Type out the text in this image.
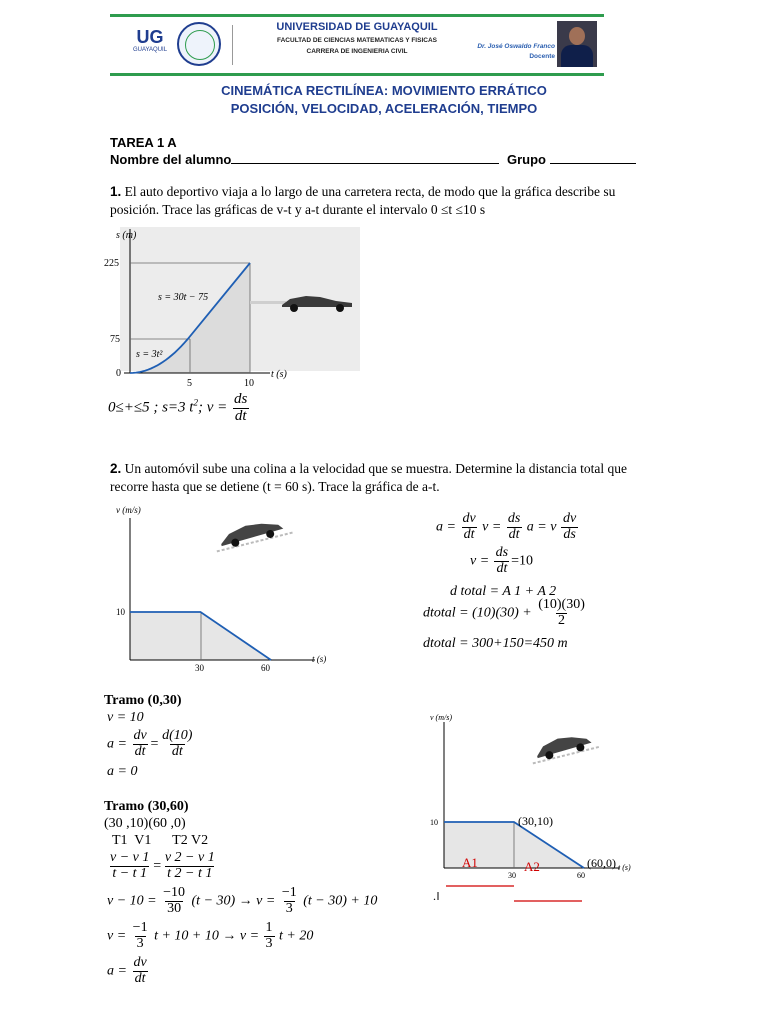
UG
GUAYAQUIL
UNIVERSIDAD DE GUAYAQUIL
FACULTAD DE CIENCIAS MATEMATICAS Y FISICAS
CARRERA DE INGENIERIA CIVIL
Dr. José Oswaldo Franco
Docente
CINEMÁTICA RECTILÍNEA: MOVIMIENTO ERRÁTICO
POSICIÓN, VELOCIDAD, ACELERACIÓN, TIEMPO
TAREA 1 A
Nombre del alumno	Grupo
1. El auto deportivo viaja a lo largo de una carretera recta, de modo que la gráfica describe su posición. Trace las gráficas de v-t y a-t durante el intervalo 0 ≤t ≤10 s
s (m)
225
75
0
5	10
t (s)
s = 30t − 75
s = 3t²
0≤+≤5 ; s=3 $t^2$; $v = \frac{ds}{dt}$
2. Un automóvil sube una colina a la velocidad que se muestra. Determine la distancia total que recorre hasta que se detiene (t = 60 s). Trace la gráfica de a-t.
v (m/s)
10
30	60
t (s)
$a = \frac{dv}{dt}$ $v = \frac{ds}{dt}$ a = v $\frac{dv}{ds}$
$v = \frac{ds}{dt} =10$
d total = A 1 + A 2
dtotal = $(10)(30) + \frac{(10)(30)}{2}$
dtotal = 300+150=450 m
Tramo (0,30)
v = 10
$a = \frac{dv}{dt} = \frac{d(10)}{dt}$
a = 0
Tramo (30,60)
(30 ,10)(60 ,0)
T1  V1      T2 V2
$\frac{v - v 1}{t - t 1} = \frac{v 2 - v 1}{t 2 - t 1}$
$v - 10 = \frac{-10}{30} (t - 30) \to v = \frac{-1}{3} (t - 30) + 10$
$v = \frac{-1}{3}$ $t + 10 + 10 \to v = \frac{1}{3}$ t + 20
$a = \frac{dv}{dt}$
v (m/s)
10
30	60
t (s)
(30,10)
(60,0)
A1	A2
.
